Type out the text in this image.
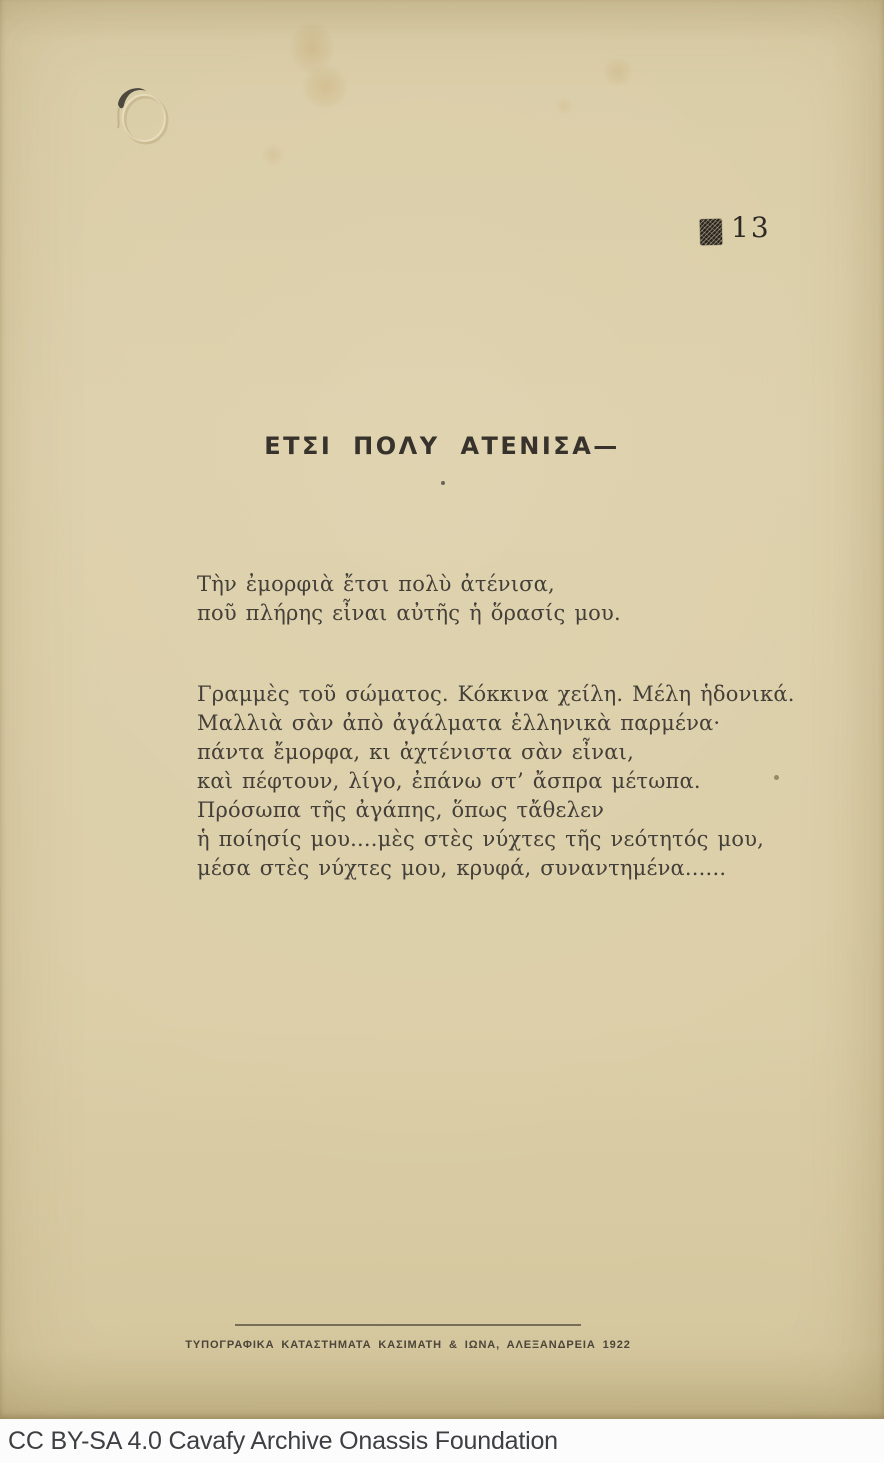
13
ΕΤΣΙ ΠΟΛΥ ΑΤΕΝΙΣΑ—
Τὴν ἐμορφιὰ ἔτσι πολὺ ἀτένισα,
ποῦ πλήρης εἶναι αὐτῆς ἡ ὅρασίς μου.
Γραμμὲς τοῦ σώματος. Κόκκινα χείλη. Μέλη ἡδονικά.
Μαλλιὰ σὰν ἀπὸ ἀγάλματα ἑλληνικὰ παρμένα·
πάντα ἔμορφα, κι ἀχτένιστα σὰν εἶναι,
καὶ πέφτουν, λίγο, ἐπάνω στ’ ἄσπρα μέτωπα.
Πρόσωπα τῆς ἀγάπης, ὅπως τἄθελεν
ἡ ποίησίς μου....μὲς στὲς νύχτες τῆς νεότητός μου,
μέσα στὲς νύχτες μου, κρυφά, συναντημένα......
ΤΥΠΟΓΡΑΦΙΚΑ ΚΑΤΑΣΤΗΜΑΤΑ ΚΑΣΙΜΑΤΗ & ΙΩΝΑ, ΑΛΕΞΑΝΔΡΕΙΑ 1922
CC BY-SA 4.0 Cavafy Archive Onassis Foundation
